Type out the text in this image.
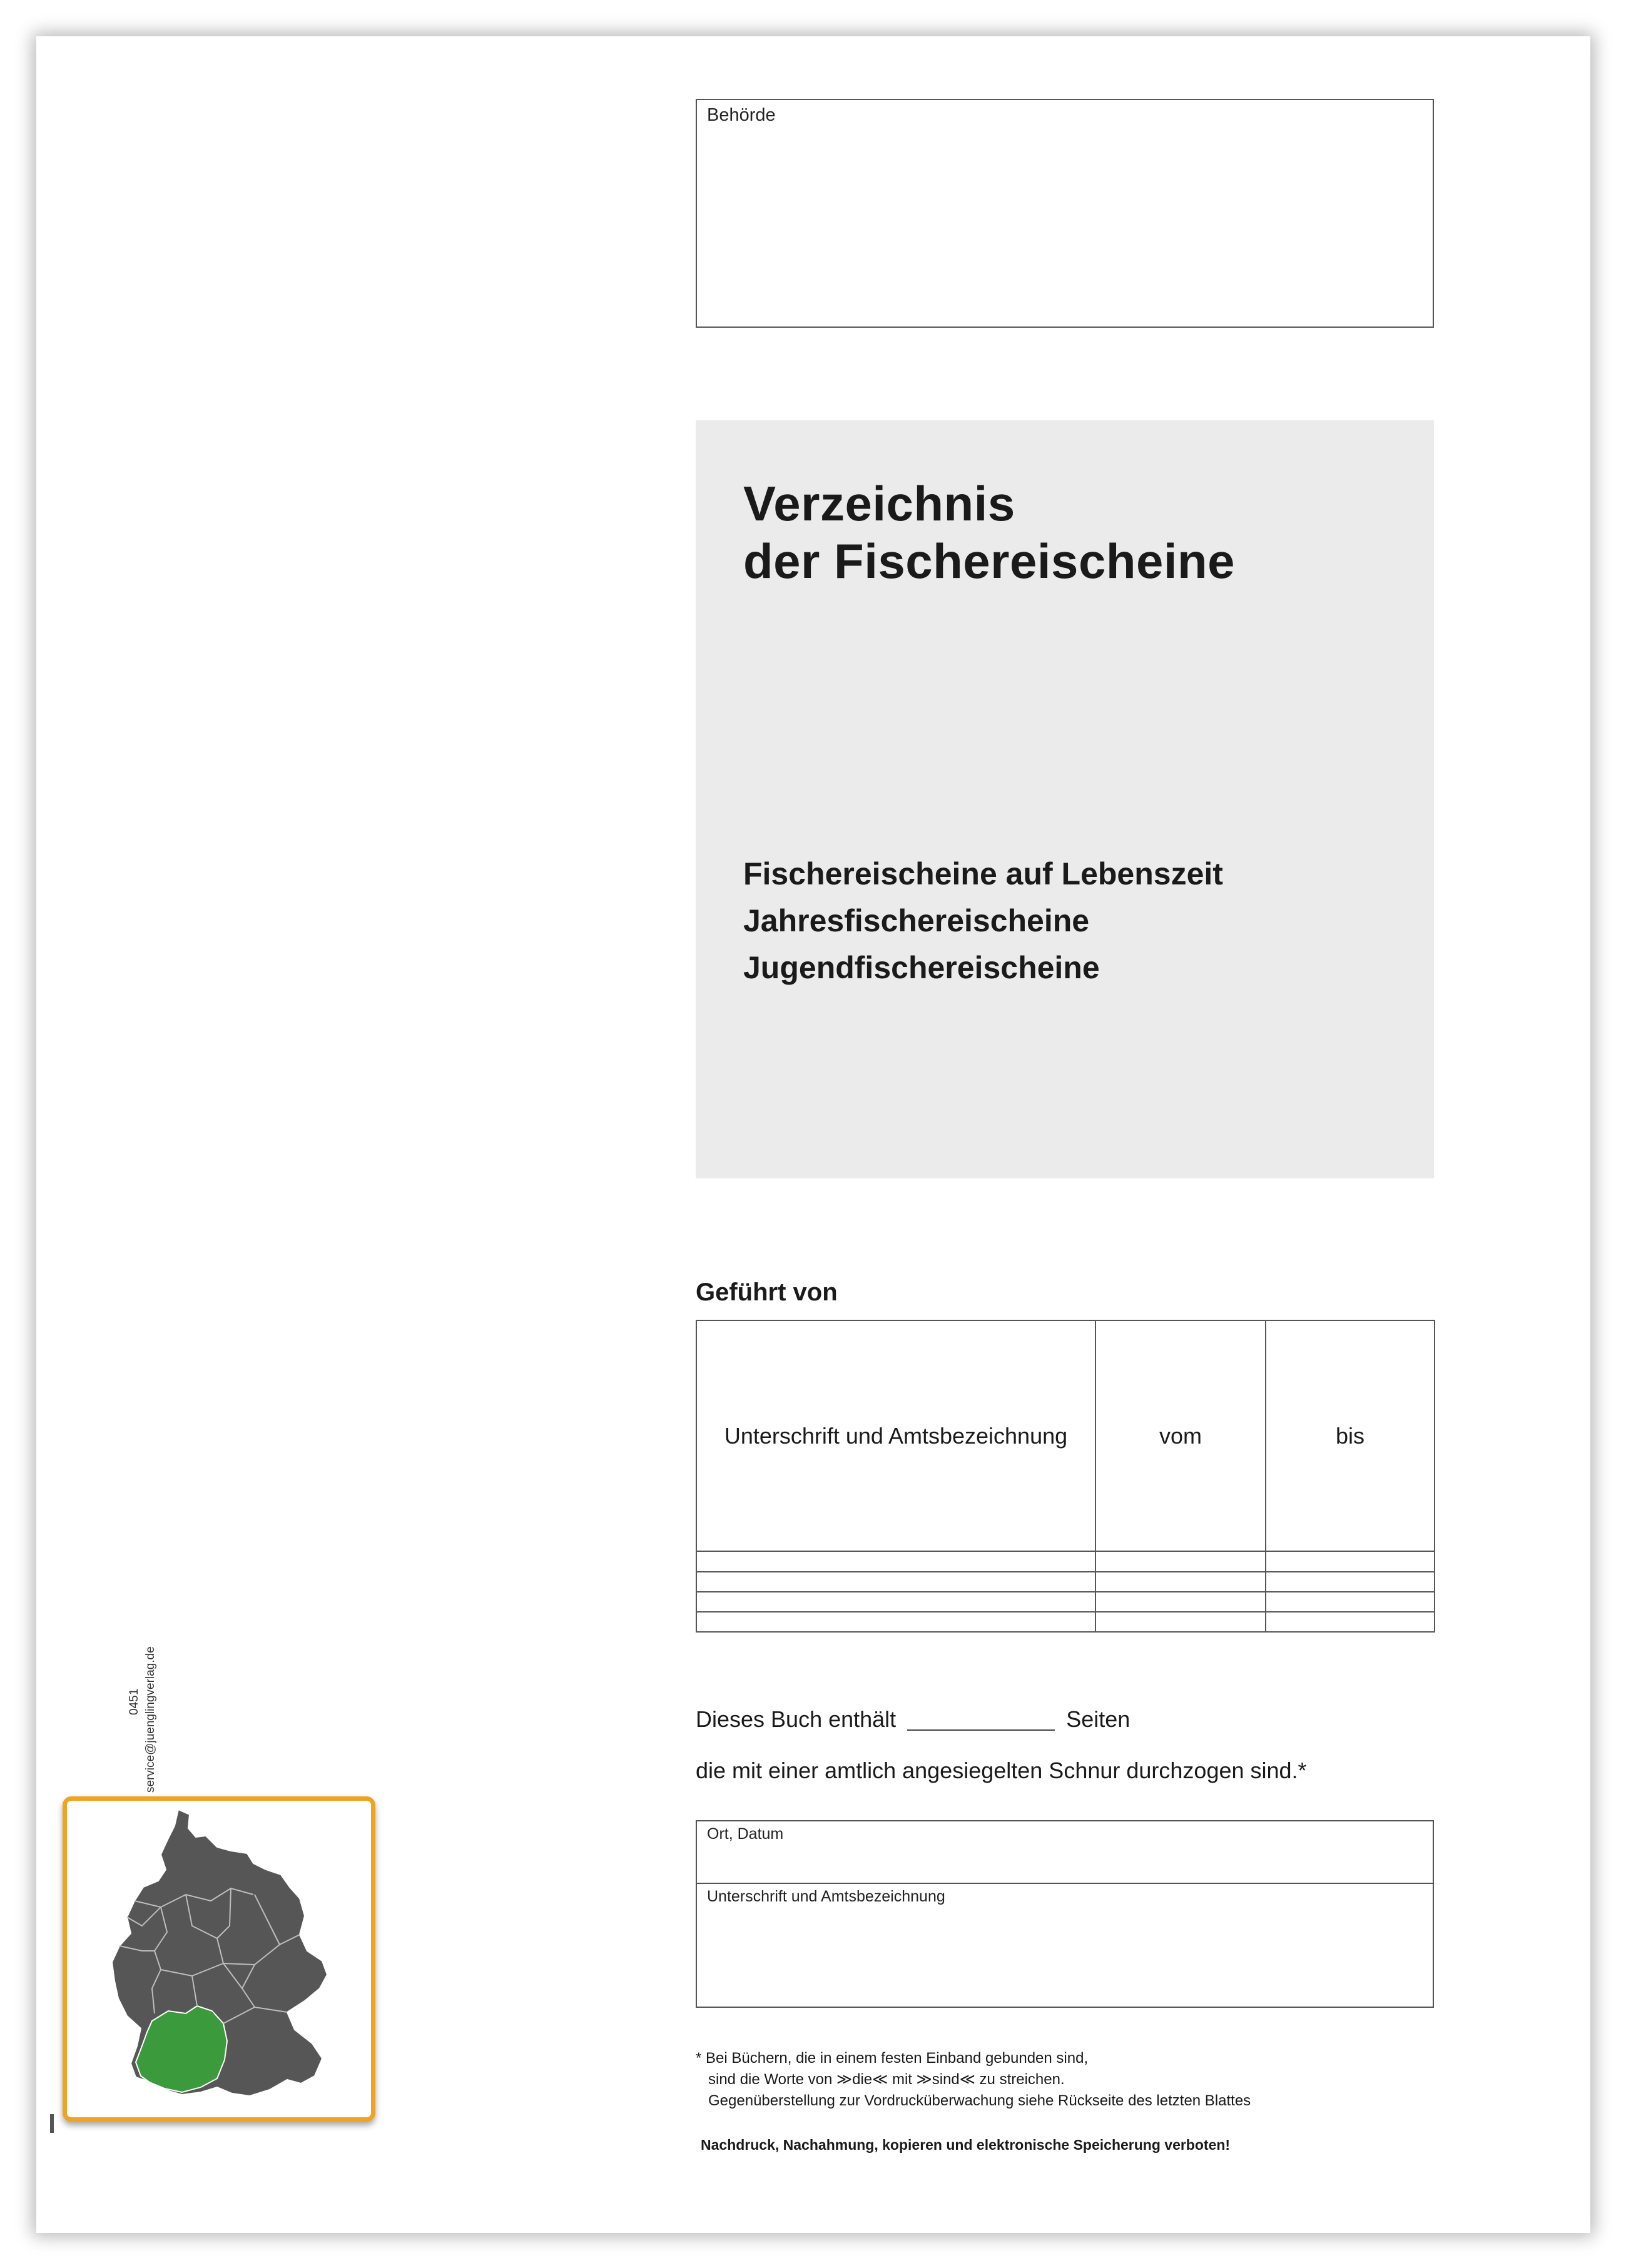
Behörde
Verzeichnis
der Fischereischeine
Fischereischeine auf Lebenszeit
Jahresfischereischeine
Jugendfischereischeine
Geführt von
Unterschrift und Amtsbezeichnung	vom	bis

Dieses Buch enthält	Seiten
die mit einer amtlich angesiegelten Schnur durchzogen sind.*
Ort, Datum
Unterschrift und Amtsbezeichnung
* Bei Büchern, die in einem festen Einband gebunden sind,
sind die Worte von ≫die≪ mit ≫sind≪ zu streichen.
Gegenüberstellung zur Vordrucküberwachung siehe Rückseite des letzten Blattes
Nachdruck, Nachahmung, kopieren und elektronische Speicherung verboten!
0451 service@juenglingverlag.de
